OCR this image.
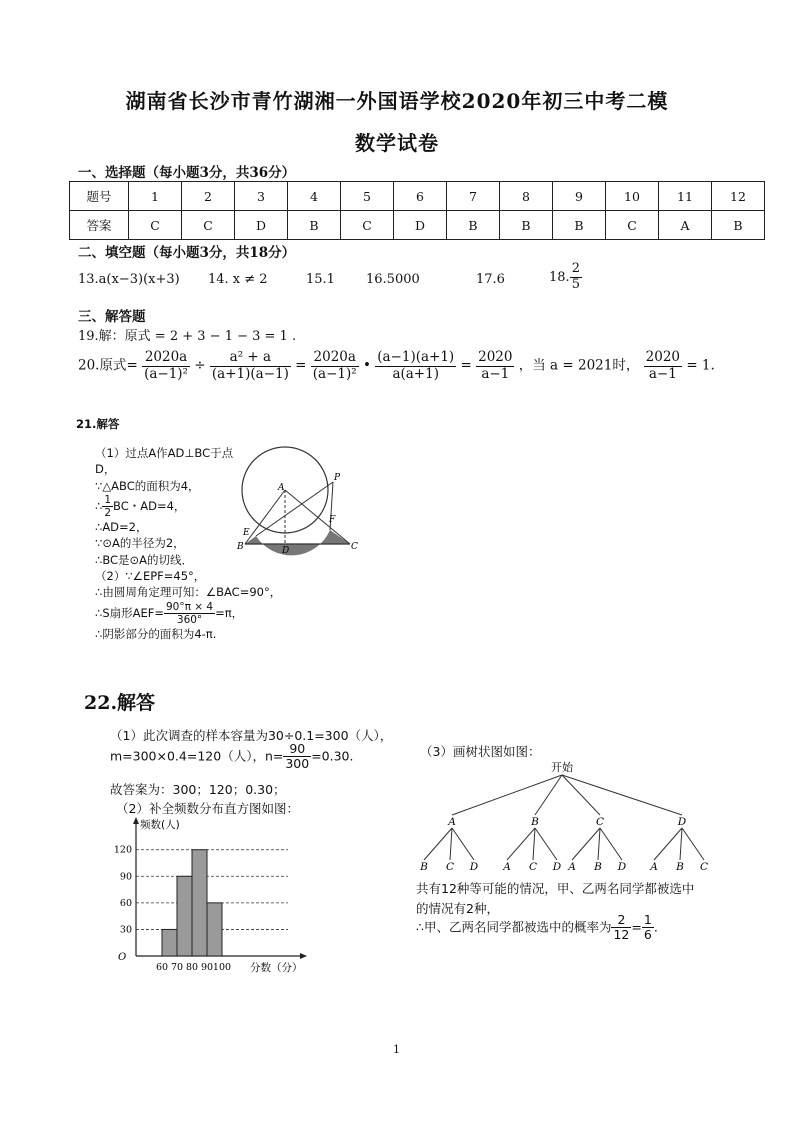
湖南省长沙市青竹湖湘一外国语学校2020年初三中考二模
数学试卷
一、选择题（每小题3分，共36分）
题号	1	2	3	4	5	6	7	8	9	10	11	12
答案	C	C	D	B	C	D	B	B	B	C	A	B
二、填空题（每小题3分，共18分）
13.a(x−3)(x+3) 14. x ≠ 2	15.1 16.5000	17.6	18. $\frac{2}{5}$
三、解答题
19.解：原式 = 2 + 3 − 1 − 3 = 1 .
20.原式= $\frac{2020a}{\text{(a−1)²}} \div \frac{\text{a² + a}}{(a+1)(a-1)} = \frac{2020a}{\text{(a−1)²}}$ • $\frac{(a-1)(a+1)}{a(a+1)} = \frac{2020}{a-1}$ ，当 a = 2021时， $\frac{2020}{a-1} = 1$.
21.解答
（1）过点A作AD⊥BC于点
D，
∵△ABC的面积为4，
∴ $\frac{1}{2}$ BC・AD=4，
∴AD=2，
∵⊙A的半径为2，
∴BC是⊙A的切线．
（2）∵∠EPF=45°，
∴由圆周角定理可知：∠BAC=90°，
∴S扇形$AEF= \frac{90^\circ\pi \times 4}{360^\circ} =\pi$，
∴阴影部分的面积为4-π.
A
P
E
F
B	D	C
22.解答
（1）此次调查的样本容量为30÷0.1=300（人），
m=300×0.4=120（人），$n= \frac{90}{300} =0.30$.
故答案为：300；120；0.30；
（2）补全频数分布直方图如图：
30
60
90
120
60 70 80 90 100
频数(人)
分数（分）
O
（3）画树状图如图：
开始
A
B C D
B
A C D
C
A B D
D
A B C
共有12种等可能的情况，甲、乙两名同学都被选中
的情况有2种，
∴甲、乙两名同学都被选中的概率为 $\frac{2}{12} = \frac{1}{6}$ .
1
